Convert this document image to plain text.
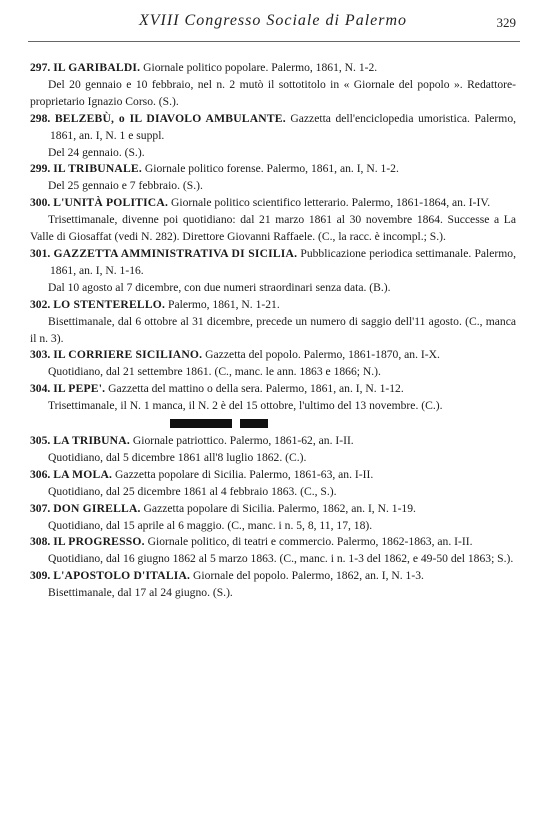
XVIII Congresso Sociale di Palermo	329

297. IL GARIBALDI. Giornale politico popolare. Palermo, 1861, N. 1-2.

Del 20 gennaio e 10 febbraio, nel n. 2 mutò il sottotitolo in « Giornale del popolo ». Redattore-proprietario Ignazio Corso. (S.).

298. BELZEBÙ, o IL DIAVOLO AMBULANTE. Gazzetta dell'enciclopedia umoristica. Palermo, 1861, an. I, N. 1 e suppl.

Del 24 gennaio. (S.).

299. IL TRIBUNALE. Giornale politico forense. Palermo, 1861, an. I, N. 1-2.

Del 25 gennaio e 7 febbraio. (S.).

300. L'UNITÀ POLITICA. Giornale politico scientifico letterario. Palermo, 1861-1864, an. I-IV.

Trisettimanale, divenne poi quotidiano: dal 21 marzo 1861 al 30 novembre 1864. Successe a La Valle di Giosaffat (vedi N. 282). Direttore Giovanni Raffaele. (C., la racc. è incompl.; S.).

301. GAZZETTA AMMINISTRATIVA DI SICILIA. Pubblicazione periodica settimanale. Palermo, 1861, an. I, N. 1-16.

Dal 10 agosto al 7 dicembre, con due numeri straordinari senza data. (B.).

302. LO STENTERELLO. Palermo, 1861, N. 1-21.

Bisettimanale, dal 6 ottobre al 31 dicembre, precede un numero di saggio dell'11 agosto. (C., manca il n. 3).

303. IL CORRIERE SICILIANO. Gazzetta del popolo. Palermo, 1861-1870, an. I-X.

Quotidiano, dal 21 settembre 1861. (C., manc. le ann. 1863 e 1866; N.).

304. IL PEPE'. Gazzetta del mattino o della sera. Palermo, 1861, an. I, N. 1-12.

Trisettimanale, il N. 1 manca, il N. 2 è del 15 ottobre, l'ultimo del 13 novembre. (C.).

305. LA TRIBUNA. Giornale patriottico. Palermo, 1861-62, an. I-II.

Quotidiano, dal 5 dicembre 1861 all'8 luglio 1862. (C.).

306. LA MOLA. Gazzetta popolare di Sicilia. Palermo, 1861-63, an. I-II.

Quotidiano, dal 25 dicembre 1861 al 4 febbraio 1863. (C., S.).

307. DON GIRELLA. Gazzetta popolare di Sicilia. Palermo, 1862, an. I, N. 1-19.

Quotidiano, dal 15 aprile al 6 maggio. (C., manc. i n. 5, 8, 11, 17, 18).

308. IL PROGRESSO. Giornale politico, di teatri e commercio. Palermo, 1862-1863, an. I-II.

Quotidiano, dal 16 giugno 1862 al 5 marzo 1863. (C., manc. i n. 1-3 del 1862, e 49-50 del 1863; S.).

309. L'APOSTOLO D'ITALIA. Giornale del popolo. Palermo, 1862, an. I, N. 1-3.

Bisettimanale, dal 17 al 24 giugno. (S.).
